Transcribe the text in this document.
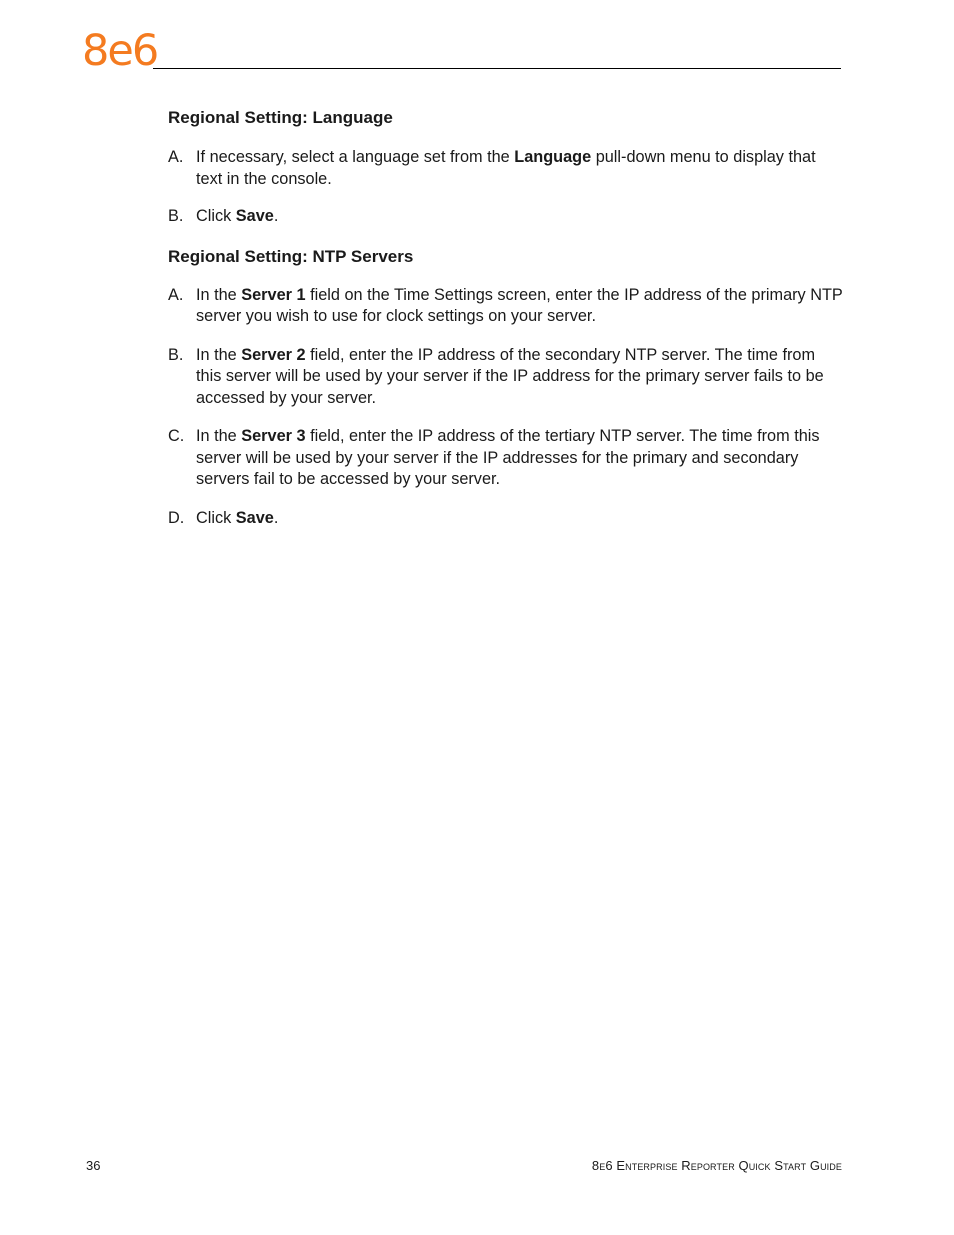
8e6
Regional Setting: Language
A. If necessary, select a language set from the Language pull-down menu to display that text in the console.
B. Click Save.
Regional Setting: NTP Servers
A. In the Server 1 field on the Time Settings screen, enter the IP address of the primary NTP server you wish to use for clock settings on your server.
B. In the Server 2 field, enter the IP address of the secondary NTP server. The time from this server will be used by your server if the IP address for the primary server fails to be accessed by your server.
C. In the Server 3 field, enter the IP address of the tertiary NTP server. The time from this server will be used by your server if the IP addresses for the primary and secondary servers fail to be accessed by your server.
D. Click Save.
36	8e6 Enterprise Reporter Quick Start Guide
